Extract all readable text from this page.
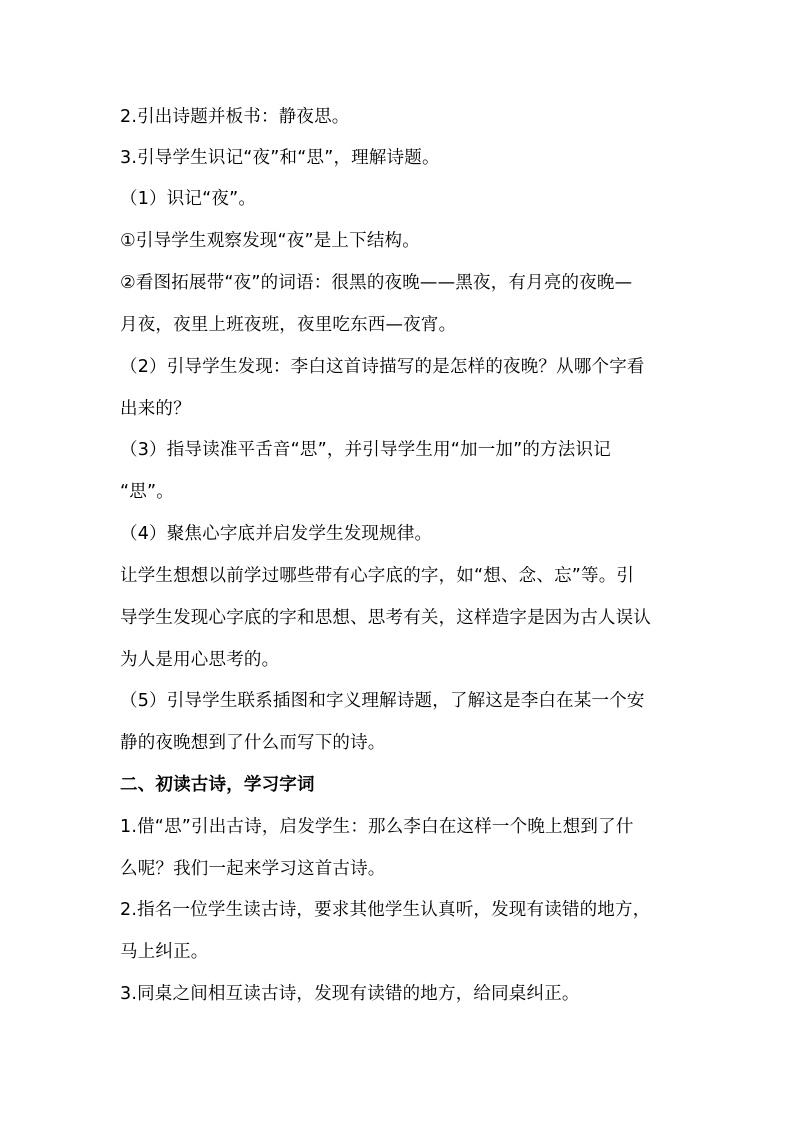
2.引出诗题并板书：静夜思。
3.引导学生识记“夜”和“思”，理解诗题。
（1）识记“夜”。
①引导学生观察发现“夜”是上下结构。
②看图拓展带“夜”的词语：很黑的夜晚——黑夜，有月亮的夜晚—
月夜，夜里上班夜班，夜里吃东西—夜宵。
（2）引导学生发现：李白这首诗描写的是怎样的夜晚？从哪个字看
出来的？
（3）指导读准平舌音“思”，并引导学生用“加一加”的方法识记
“思”。
（4）聚焦心字底并启发学生发现规律。
让学生想想以前学过哪些带有心字底的字，如“想、念、忘”等。引
导学生发现心字底的字和思想、思考有关，这样造字是因为古人误认
为人是用心思考的。
（5）引导学生联系插图和字义理解诗题，了解这是李白在某一个安
静的夜晚想到了什么而写下的诗。
二、初读古诗，学习字词
1.借“思”引出古诗，启发学生：那么李白在这样一个晚上想到了什
么呢？我们一起来学习这首古诗。
2.指名一位学生读古诗，要求其他学生认真听，发现有读错的地方，
马上纠正。
3.同桌之间相互读古诗，发现有读错的地方，给同桌纠正。
